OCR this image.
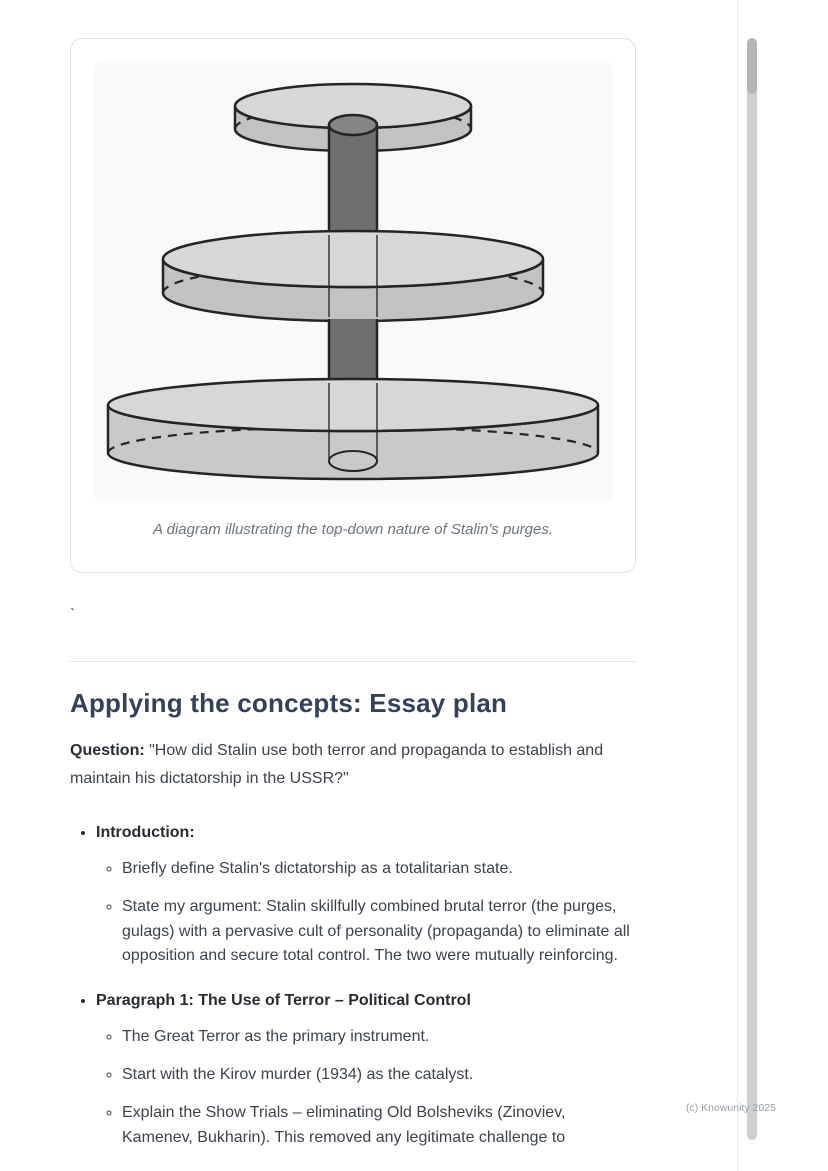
A diagram illustrating the top-down nature of Stalin's purges.
`
Applying the concepts: Essay plan

Question: "How did Stalin use both terror and propaganda to establish and maintain his dictatorship in the USSR?"

• Introduction:
◦ Briefly define Stalin's dictatorship as a totalitarian state.
◦ State my argument: Stalin skillfully combined brutal terror (the purges, gulags) with a pervasive cult of personality (propaganda) to eliminate all opposition and secure total control. The two were mutually reinforcing.
• Paragraph 1: The Use of Terror – Political Control
◦ The Great Terror as the primary instrument.
◦ Start with the Kirov murder (1934) as the catalyst.
◦ Explain the Show Trials – eliminating Old Bolsheviks (Zinoviev, Kamenev, Bukharin). This removed any legitimate challenge to
(c) Knowunity 2025
